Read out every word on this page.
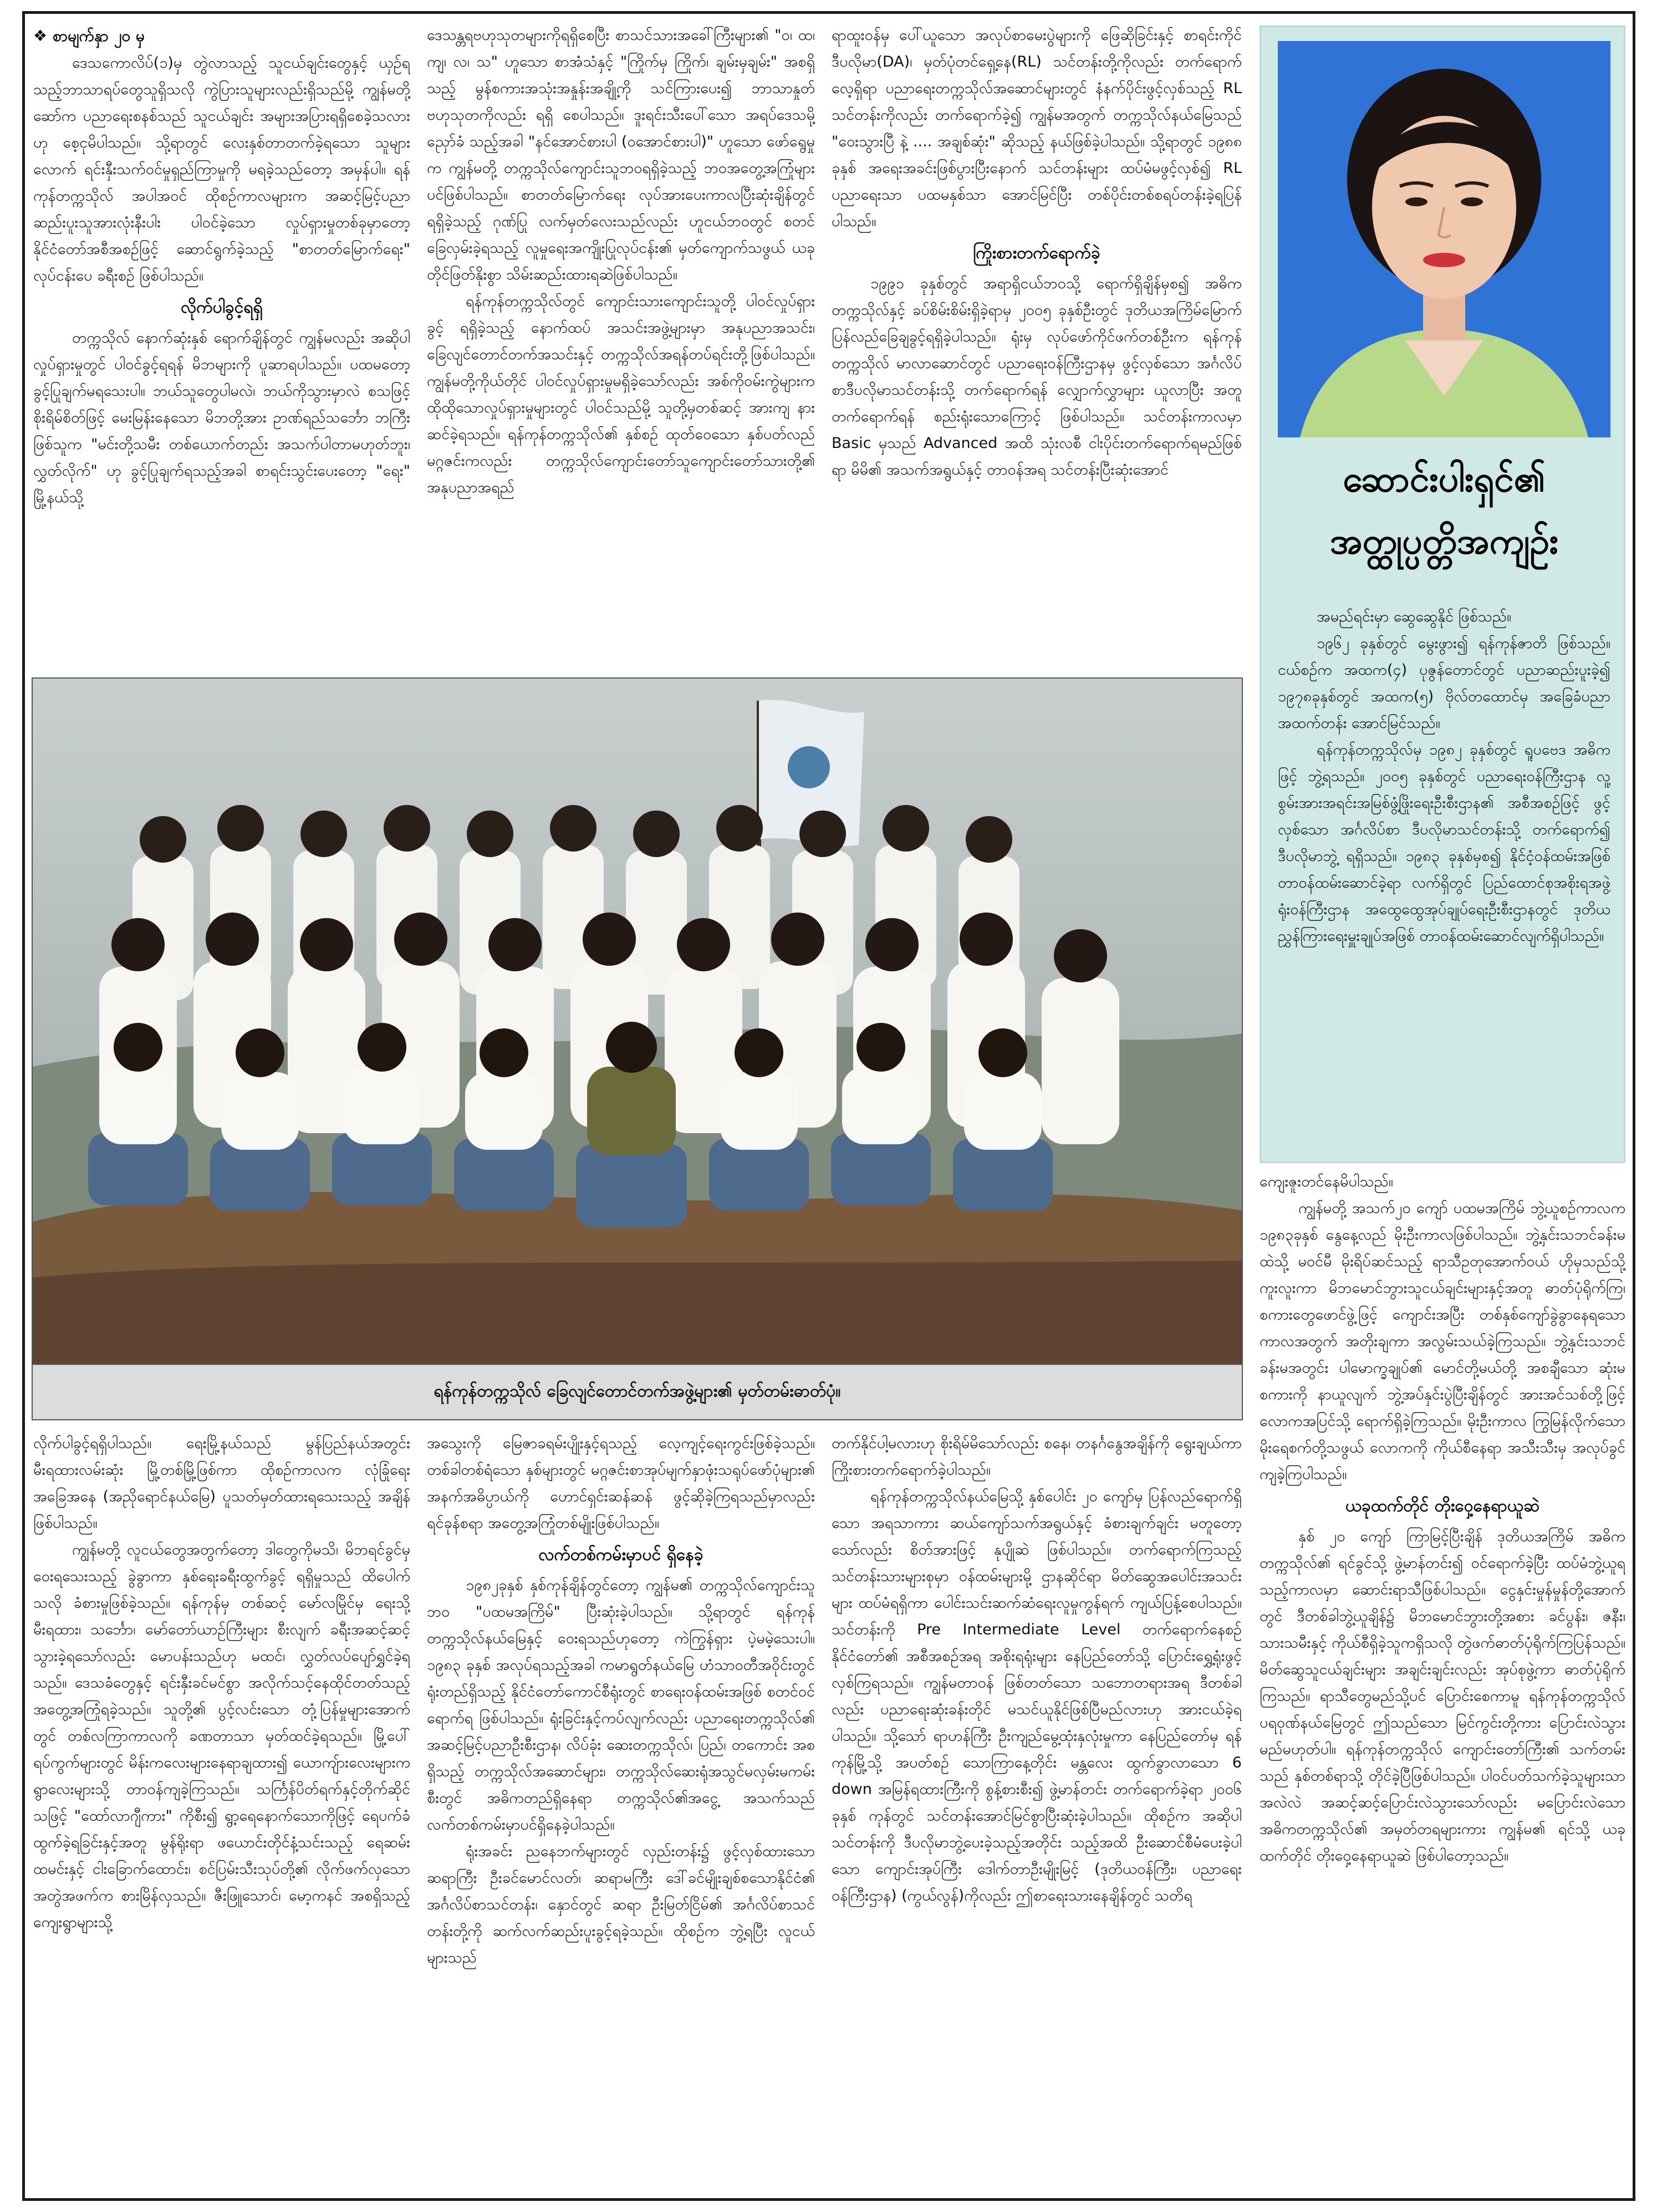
❖ စာမျက်နှာ ၂၀ မှ

ဒေသကောလိပ်(၁)မှ တွဲလာသည့် သူငယ်ချင်းတွေနှင့် ယှဉ်ရသည့်ဘာသာရပ်တွေသူရှိသလို ကွဲပြားသူများလည်းရှိသည်မို့ ကျွန်မတို့ဆော်က ပညာရေးစနစ်သည် သူငယ်ချင်း အများအပြားရရှိစေခဲ့သလားဟု စေ့ငုမိပါသည်။ သို့ရာတွင် လေးနှစ်တာတက်ခဲ့ရသော သူများလောက် ရင်းနှီးသက်ဝင်မှုရှည်ကြာမှုကို မရခဲ့သည်တော့ အမှန်ပါ။ ရန်ကုန်တက္ကသိုလ် အပါအဝင် ထိုစဉ်ကာလများက အဆင့်မြင့်ပညာ ဆည်းပူးသူအားလုံးနီးပါး ပါဝင်ခဲ့သော လှုပ်ရှားမှုတစ်ခုမှာတော့ နိုင်ငံတော်အစီအစဉ်ဖြင့် ဆောင်ရွက်ခဲ့သည့် "စာတတ်မြောက်ရေး" လုပ်ငန်းပေ ခရီးစဉ် ဖြစ်ပါသည်။

လိုက်ပါခွင့်ရရှိ

တက္ကသိုလ် နောက်ဆုံးနှစ် ရောက်ချိန်တွင် ကျွန်မလည်း အဆိုပါလှုပ်ရှားမှုတွင် ပါဝင်ခွင့်ရရန် မိဘများကို ပူဆာရပါသည်။ ပထမတော့ ခွင့်ပြုချက်မရသေးပါ။ ဘယ်သူတွေပါမလဲ၊ ဘယ်ကိုသွားမှာလဲ စသဖြင့် စိုးရိမ်စိတ်ဖြင့် မေးမြန်းနေသော မိဘတို့အား ဥာဏ်ရည်သင်္ဘော ဘကြီးဖြစ်သူက "မင်းတို့သမီး တစ်ယောက်တည်း အသက်ပါတာမဟုတ်ဘူး၊ လွှတ်လိုက်" ဟု ခွင့်ပြုချက်ရသည့်အခါ စာရင်းသွင်းပေးတော့ "ရေး" မြို့နယ်သို့

ဒေသန္တရဗဟုသုတများကိုရရှိစေပြီး စာသင်သားအခေါ်ကြီးများ၏ "ဝ၊ ထ၊ ကျ၊ လ၊ သ" ဟူသော စာအံသံနှင့် "ကြိုက်မှ ကြိုက်၊ ချမ်းမှချမ်း" အစရှိသည့် မွန်စကားအသုံးအနှုန်းအချို့ကို သင်ကြားပေး၍ ဘာသာနှုတ်ဗဟုသုတကိုလည်း ရရှိ စေပါသည်။ ဒူးရင်းသီးပေါ်သော အရပ်ဒေသမို့ ညှော်ခံ သည့်အခါ "နင်အောင်စားပါ (ဝအောင်စားပါ)" ဟူသော ဖော်ရွေမှုက ကျွန်မတို့ တက္ကသိုလ်ကျောင်းသူဘဝရရှိခဲ့သည့် ဘဝအတွေ့အကြုံများပင်ဖြစ်ပါသည်။ စာတတ်မြောက်ရေး လုပ်အားပေးကာလပြီးဆုံးချိန်တွင် ရရှိခဲ့သည့် ဂုဏ်ပြု လက်မှတ်လေးသည်လည်း ဟူငယ်ဘဝတွင် စတင်ခြေလှမ်းခဲ့ရသည့် လူမှုရေးအကျိုးပြုလုပ်ငန်း၏ မှတ်ကျောက်သဖွယ် ယခုတိုင်ဖြတ်နိုးစွာ သိမ်းဆည်းထားရဆဲဖြစ်ပါသည်။

ရန်ကုန်တက္ကသိုလ်တွင် ကျောင်းသားကျောင်းသူတို့ ပါဝင်လှုပ်ရှားခွင့် ရရှိခဲ့သည့် နောက်ထပ် အသင်းအဖွဲ့များမှာ အနုပညာအသင်း၊ ခြေလျင်တောင်တက်အသင်းနှင့် တက္ကသိုလ်အရန်တပ်ရင်းတို့ဖြစ်ပါသည်။ ကျွန်မတို့ကိုယ်တိုင် ပါဝင်လှုပ်ရှားမှုမရှိခဲ့သော်လည်း အစ်ကိုဝမ်းကွဲများက ထိုထိုသောလှုပ်ရှားမှုများတွင် ပါဝင်သည်မို့ သူတို့မှတစ်ဆင့် အားကျ နားဆင်ခဲ့ရသည်။ ရန်ကုန်တက္ကသိုလ်၏ နှစ်စဉ် ထုတ်ဝေသော နှစ်ပတ်လည်မဂ္ဂဇင်းကလည်း တက္ကသိုလ်ကျောင်းတော်သူကျောင်းတော်သားတို့၏ အနုပညာအရည်

ရာထူးဝန်မှ ပေါ်ယူသော အလုပ်စာမေးပွဲများကို ဖြေဆိုခြင်းနှင့် စာရင်းကိုင် ဒီပလိုမာ(DA)၊ မှတ်ပုံတင်ရှေ့နေ(RL) သင်တန်းတို့ကိုလည်း တက်ရောက်လေ့ရှိရာ ပညာရေးတက္ကသိုလ်အဆောင်များတွင် နံနက်ပိုင်းဖွင့်လှစ်သည့် RL သင်တန်းကိုလည်း တက်ရောက်ခဲ့၍ ကျွန်မအတွက် တက္ကသိုလ်နယ်မြေသည် "ဝေးသွားပြီ နဲ့ .... အချစ်ဆုံး" ဆိုသည့် နယ်ဖြစ်ခဲ့ပါသည်။ သို့ရာတွင် ၁၉၈၈ ခုနှစ် အရေးအခင်းဖြစ်ပွားပြီးနောက် သင်တန်းများ ထပ်မံမဖွင့်လှစ်၍ RL ပညာရေးသာ ပထမနှစ်သာ အောင်မြင်ပြီး တစ်ပိုင်းတစ်စရပ်တန်းခဲ့ရပြန်ပါသည်။

ကြိုးစားတက်ရောက်ခဲ့

၁၉၉၁ ခုနှစ်တွင် အရာရှိငယ်ဘဝသို့ ရောက်ရှိချိန်မှစ၍ အဓိကတက္ကသိုလ်နှင့် ခပ်စိမ်းစိမ်းရှိခဲ့ရာမှ ၂၀၀၅ ခုနှစ်ဦးတွင် ဒုတိယအကြိမ်မြောက် ပြန်လည်ခြေချခွင့်ရရှိခဲ့ပါသည်။ ရုံးမှ လုပ်ဖော်ကိုင်ဖက်တစ်ဦးက ရန်ကုန်တက္ကသိုလ် မာလာဆောင်တွင် ပညာရေးဝန်ကြီးဌာနမှ ဖွင့်လှစ်သော အင်္ဂလိပ်စာဒီပလိုမာသင်တန်းသို့ တက်ရောက်ရန် လျှောက်လွှာများ ယူလာပြီး အတူတက်ရောက်ရန် စည်းရုံးသောကြောင့် ဖြစ်ပါသည်။ သင်တန်းကာလမှာ Basic မှသည် Advanced အထိ သုံးလစီ ငါးပိုင်းတက်ရောက်ရမည်ဖြစ်ရာ မိမိ၏ အသက်အရွယ်နှင့် တာဝန်အရ သင်တန်းပြီးဆုံးအောင်	ဆောင်းပါးရှင်၏ အတ္ထုပ္ပတ္တိအကျဉ်း

အမည်ရင်းမှာ ဆွေဆွေနိုင် ဖြစ်သည်။

၁၉၆၂ ခုနှစ်တွင် မွေးဖွား၍ ရန်ကုန်ဇာတိ ဖြစ်သည်။ ငယ်စဉ်က အထက(၄) ပုဇွန်တောင်တွင် ပညာဆည်းပူးခဲ့၍ ၁၉၇၈ခုနှစ်တွင် အထက(၅) ဗိုလ်တထောင်မှ အခြေခံပညာအထက်တန်း အောင်မြင်သည်။

ရန်ကုန်တက္ကသိုလ်မှ ၁၉၈၂ ခုနှစ်တွင် ရူပဗေဒ အဓိကဖြင့် ဘွဲ့ရသည်။ ၂၀၀၅ ခုနှစ်တွင် ပညာရေးဝန်ကြီးဌာန လူ့စွမ်းအားအရင်းအမြစ်ဖွံ့ဖြိုးရေးဦးစီးဌာန၏ အစီအစဉ်ဖြင့် ဖွင့်လှစ်သော အင်္ဂလိပ်စာ ဒီပလိုမာသင်တန်းသို့ တက်ရောက်၍ ဒီပလိုမာဘွဲ့ ရရှိသည်။ ၁၉၈၃ ခုနှစ်မှစ၍ နိုင်ငံ့ဝန်ထမ်းအဖြစ် တာဝန်ထမ်းဆောင်ခဲ့ရာ လက်ရှိတွင် ပြည်ထောင်စုအစိုးရအဖွဲ့ရုံးဝန်ကြီးဌာန အထွေထွေအုပ်ချုပ်ရေးဦးစီးဌာနတွင် ဒုတိယညွှန်ကြားရေးမှူးချုပ်အဖြစ် တာဝန်ထမ်းဆောင်လျက်ရှိပါသည်။

ရန်ကုန်တက္ကသိုလ် ခြေလျင်တောင်တက်အဖွဲ့များ၏ မှတ်တမ်းဓာတ်ပုံ။

ကျေးဇူးတင်နေမိပါသည်။

ကျွန်မတို့ အသက်၂၀ ကျော် ပထမအကြိမ် ဘွဲ့ယူစဉ်ကာလက ၁၉၈၃ခုနှစ် နွေနေ့လည် မိုးဦးကာလဖြစ်ပါသည်။ ဘွဲ့နှင်းသဘင်ခန်းမထဲသို့ မဝင်မီ မိုးရိပ်ဆင်သည့် ရာသီဥတုအောက်ဝယ် ဟိုမှသည်သို့ ကူးလူးကာ မိဘမောင်ဘွားသူငယ်ချင်းများနှင့်အတူ ဓာတ်ပုံရိုက်ကြ၊ စကားတွေဖောင်ဖွဲ့ဖြင့် ကျောင်းအပြီး တစ်နှစ်ကျော်ခွဲခွာနေရသောကာလအတွက် အတိုးချကာ အလွမ်းသယ်ခဲ့ကြသည်။ ဘွဲ့နှင်းသဘင်ခန်းမအတွင်း ပါမောက္ခချုပ်၏ မောင်တို့မယ်တို့ အစချီသော ဆုံးမစကားကို နာယူလျက် ဘွဲ့အပ်နှင်းပွဲပြီးချိန်တွင် အားအင်သစ်တို့ဖြင့် လောကအပြင်သို့ ရောက်ရှိခဲ့ကြသည်။ မိုးဦးကာလ ကြွမြန်လိုက်သော မိုးရေစက်တို့သဖွယ် လောကကို ကိုယ်စီနေရာ အသီးသီးမှ အလုပ်ခွင်ကျခဲ့ကြပါသည်။

ယခုထက်တိုင် တိုးဝှေ့နေရာယူဆဲ

နှစ် ၂၀ ကျော် ကြာမြင့်ပြီးချိန် ဒုတိယအကြိမ် အဓိကတက္ကသိုလ်၏ ရင်ခွင်သို့ ဖွဲ့မာန်တင်း၍ ဝင်ရောက်ခဲ့ပြီး ထပ်မံဘွဲ့ယူရသည့်ကာလမှာ ဆောင်းရာသီဖြစ်ပါသည်။ ငွေနှင်းမှုန်မှုန်တို့အောက်တွင် ဒီတစ်ခါဘွဲ့ယူချိန်၌ မိဘမောင်ဘွားတို့အစား ခင်ပွန်း၊ ဇနီး၊ သားသမီးနှင့် ကိုယ်စီရှိခဲ့သူကရှိသလို တွဲဖက်ဓာတ်ပုံရိုက်ကြပြန်သည်။ မိတ်ဆွေသူငယ်ချင်းများ အချင်းချင်းလည်း အုပ်စုဖွဲ့ကာ ဓာတ်ပုံရိုက်ကြသည်။ ရာသီတွေမည်သို့ပင် ပြောင်းစေကာမူ ရန်ကုန်တက္ကသိုလ် ပရဝုဏ်နယ်မြေတွင် ဤသည်သော မြင်ကွင်းတို့ကား ပြောင်းလဲသွားမည်မဟုတ်ပါ။ ရန်ကုန်တက္ကသိုလ် ကျောင်းတော်ကြီး၏ သက်တမ်းသည် နှစ်တစ်ရာသို့ တိုင်ခဲ့ပြီဖြစ်ပါသည်။ ပါဝင်ပတ်သက်ခဲ့သူများသာ အလဲလဲ အဆင့်ဆင့်ပြောင်းလဲသွားသော်လည်း မပြောင်းလဲသော အဓိကတက္ကသိုလ်၏ အမှတ်တရများကား ကျွန်မ၏ ရင်သို့ ယခုထက်တိုင် တိုးဝှေ့နေရာယူဆဲ ဖြစ်ပါတော့သည်။

လိုက်ပါခွင့်ရရှိပါသည်။ ရေးမြို့နယ်သည် မွန်ပြည်နယ်အတွင်း မီးရထားလမ်းဆုံး မြို့တစ်မြို့ဖြစ်ကာ ထိုစဉ်ကာလက လုံခြုံရေးအခြေအနေ (အညိုရောင်နယ်မြေ) ပူသတ်မှတ်ထားရသေးသည့် အချိန်ဖြစ်ပါသည်။

ကျွန်မတို့ လူငယ်တွေအတွက်တော့ ဒါတွေကိုမသိ၊ မိဘရင်ခွင်မှဝေးရသေးသည့် ခွဲခွာကာ နှစ်ရေးခရီးထွက်ခွင့် ရရှိမှုသည် ထိပေါက်သလို ခံစားမှုဖြစ်ခဲ့သည်။ ရန်ကုန်မှ တစ်ဆင့် မော်လမြိုင်မှ ရေးသို့ မီးရထား၊ သင်္ဘော၊ မော်တော်ယာဉ်ကြီးများ စီးလျက် ခရီးအဆင့်ဆင့် သွားခဲ့ရသော်လည်း မောပန်းသည်ဟု မထင်၊ လွှတ်လပ်ပျော်ရွှင်ခဲ့ရသည်။ ဒေသခံတွေနှင့် ရင်းနှီးခင်မင်စွာ အလိုက်သင့်နေထိုင်တတ်သည့် အတွေ့အကြုံရခဲ့သည်။ သူတို့၏ ပွင့်လင်းသော တုံ့ပြန်မှုများအောက်တွင် တစ်လကြာကာလကို ခဏတာသာ မှတ်ထင်ခဲ့ရသည်။ မြို့ပေါ်ရပ်ကွက်များတွင် မိန်းကလေးများနေရာချထား၍ ယောကျ်ားလေးများက ရွာလေးများသို့ တာဝန်ကျခဲ့ကြသည်။ သင်္ကြန်ပိတ်ရက်နှင့်တိုက်ဆိုင်သဖြင့် "ထော်လာဂျီကား" ကိုစီး၍ ရွာ့ရေနောက်သောကိုဖြင့် ရေပက်ခံထွက်ခဲ့ရခြင်းနှင့်အတူ မွန်ရိုးရာ ဖယောင်းတိုင်နံ့သင်းသည့် ရေဆမ်းထမင်းနှင့် ငါးခြောက်ထောင်း၊ စင်ပြမ်းသီးသုပ်တို့၏ လိုက်ဖက်လှသော အတွဲအဖက်က စားမြိန်လှသည်။ ဇီးဖြူသောင်၊ မော့ကနင် အစရှိသည့် ကျေးရွာများသို့

အသွေးကို မြေဇာခရမ်းပျိုးနှင့်ရသည့် လေ့ကျင့်ရေးကွင်းဖြစ်ခဲ့သည်။ တစ်ခါတစ်ရံသော နှစ်များတွင် မဂ္ဂဇင်းစာအုပ်မျက်နှာဖုံးသရုပ်ဖော်ပုံများ၏ အနက်အဓိပ္ပာယ်ကို ဟောင်ရှင်းဆန်ဆန် ဖွင့်ဆိုခဲ့ကြရသည်မှာလည်း ရင်ခုန်စရာ အတွေ့အကြုံတစ်မျိုးဖြစ်ပါသည်။

လက်တစ်ကမ်းမှာပင် ရှိနေခဲ့

၁၉၈၂ခုနှစ် နှစ်ကုန်ချိန်တွင်တော့ ကျွန်မ၏ တက္ကသိုလ်ကျောင်းသူဘဝ "ပထမအကြိမ်" ပြီးဆုံးခဲ့ပါသည်။ သို့ရာတွင် ရန်ကုန်တက္ကသိုလ်နယ်မြေနှင့် ဝေးရသည်ဟုတော့ ကဲကြွန်ရှား ပဲ့မမဲ့သေးပါ။ ၁၉၈၃ ခုနှစ် အလုပ်ရသည့်အခါ ကမာရွတ်နယ်မြေ ဟံသာဝတီအဝိုင်းတွင် ရုံးတည်ရှိသည့် နိုင်ငံတော်ကောင်စီရုံးတွင် စာရေးဝန်ထမ်းအဖြစ် စတင်ဝင်ရောက်ရ ဖြစ်ပါသည်။ ရုံးခြင်းနှင့်ကပ်လျက်လည်း ပညာရေးတက္ကသိုလ်၏ အဆင့်မြင့်ပညာဦးစီးဌာန၊ လိပ်ခုံး ဆေးတက္ကသိုလ်၊ ပြည်၊ တကောင်း အစရှိသည့် တက္ကသိုလ်အဆောင်များ၊ တက္ကသိုလ်ဆေးရုံအသွင်မလှမ်းမကမ်းစီးတွင် အဓိကတည်ရှိနေရာ တက္ကသိုလ်၏အငွေ့ အသက်သည် လက်တစ်ကမ်းမှာပင်ရှိနေခဲ့ပါသည်။

ရုံးအခင်း ညနေဘက်များတွင် လှည်းတန်း၌ ဖွင့်လှစ်ထားသော ဆရာကြီး ဦးခင်မောင်လတ်၊ ဆရာမကြီး ဒေါ်ခင်မျိုးချစ်စသောနိုင်ငံ၏ အင်္ဂလိပ်စာသင်တန်း၊ နှောင်တွင် ဆရာ ဦးမြတ်ငြိမ်၏ အင်္ဂလိပ်စာသင်တန်းတို့ကို ဆက်လက်ဆည်းပူးခွင့်ရခဲ့သည်။ ထိုစဉ်က ဘွဲ့ရပြီး လူငယ်များသည်

တက်နိုင်ပါ့မလားဟု စိုးရိမ်မိသော်လည်း စနေ၊ တနင်္ဂနွေအချိန်ကို ရွေးချယ်ကာ ကြိုးစားတက်ရောက်ခဲ့ပါသည်။

ရန်ကုန်တက္ကသိုလ်နယ်မြေသို့ နှစ်ပေါင်း ၂၀ ကျော်မှ ပြန်လည်ရောက်ရှိသော အရသာကား ဆယ်ကျော်သက်အရွယ်နှင့် ခံစားချက်ချင်း မတူတော့သော်လည်း စိတ်အားဖြင့် နုပျိုဆဲ ဖြစ်ပါသည်။ တက်ရောက်ကြသည့် သင်တန်းသားများစုမှာ ဝန်ထမ်းများမို့ ဌာနဆိုင်ရာ မိတ်ဆွေအပေါင်းအသင်းများ ထပ်မံရရှိကာ ပေါင်းသင်းဆက်ဆံရေးလူမှုကွန်ရက် ကျယ်ပြန့်စေပါသည်။ သင်တန်းကို Pre Intermediate Level တက်ရောက်နေစဉ် နိုင်ငံတော်၏ အစီအစဉ်အရ အစိုးရရုံးများ နေပြည်တော်သို့ ပြောင်းရွှေ့ရုံးဖွင့်လှစ်ကြရသည်။ ကျွန်မတာဝန် ဖြစ်တတ်သော သဘောတရားအရ ဒီတစ်ခါလည်း ပညာရေးဆုံးခန်းတိုင် မသင်ယူနိုင်ဖြစ်ပြီမည်လားဟု အားငယ်ခဲ့ရပါသည်။ သို့သော် ရာဟန်ကြီး ဦးကျည်မွေ့ထုံးနှလုံးမှုကာ နေပြည်တော်မှ ရန်ကုန်မြို့သို့ အပတ်စဉ် သောကြာနေ့တိုင်း မန္တလေး ထွက်ခွာလာသော 6 down အမြန်ရထားကြီးကို စွန့်စားစီး၍ ဖွဲ့မာန်တင်း တက်ရောက်ခဲ့ရာ ၂၀၀၆ ခုနှစ် ကုန်တွင် သင်တန်းအောင်မြင်စွာပြီးဆုံးခဲ့ပါသည်။ ထိုစဉ်က အဆိုပါသင်တန်းကို ဒီပလိုမာဘွဲ့ပေးခဲ့သည့်အတိုင်း သည့်အထိ ဦးဆောင်စီမံပေးခဲ့ပါသော ကျောင်းအုပ်ကြီး ဒေါက်တာဦးမျိုးမြင့် (ဒုတိယဝန်ကြီး၊ ပညာရေးဝန်ကြီးဌာန) (ကွယ်လွန်)ကိုလည်း ဤစာရေးသားနေချိန်တွင် သတိရ
